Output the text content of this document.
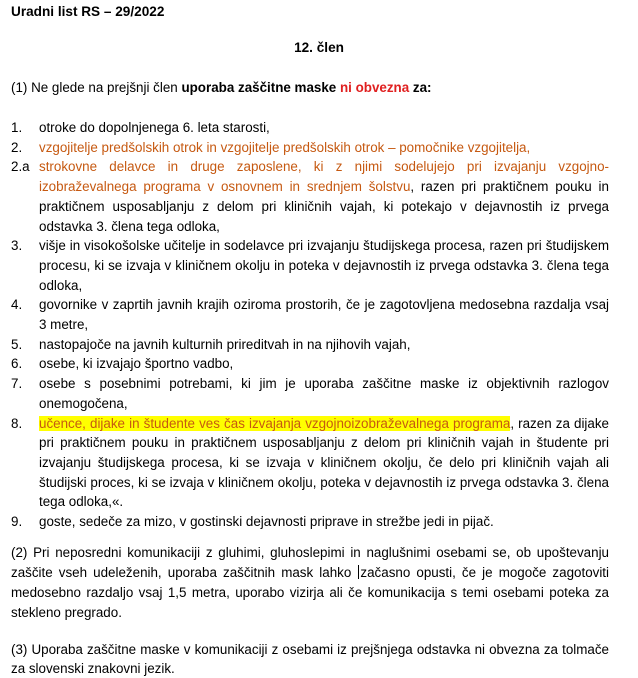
Uradni list RS – 29/2022
12. člen
(1) Ne glede na prejšnji člen uporaba zaščitne maske ni obvezna za:
1. otroke do dopolnjenega 6. leta starosti,
2. vzgojitelje predšolskih otrok in vzgojitelje predšolskih otrok – pomočnike vzgojitelja,
2.a strokovne delavce in druge zaposlene, ki z njimi sodelujejo pri izvajanju vzgojno-izobraževalnega programa v osnovnem in srednjem šolstvu, razen pri praktičnem pouku in praktičnem usposabljanju z delom pri kliničnih vajah, ki potekajo v dejavnostih iz prvega odstavka 3. člena tega odloka,
3. višje in visokošolske učitelje in sodelavce pri izvajanju študijskega procesa, razen pri študijskem procesu, ki se izvaja v kliničnem okolju in poteka v dejavnostih iz prvega odstavka 3. člena tega odloka,
4. govornike v zaprtih javnih krajih oziroma prostorih, če je zagotovljena medosebna razdalja vsaj 3 metre,
5. nastopajoče na javnih kulturnih prireditvah in na njihovih vajah,
6. osebe, ki izvajajo športno vadbo,
7. osebe s posebnimi potrebami, ki jim je uporaba zaščitne maske iz objektivnih razlogov onemogočena,
8. učence, dijake in študente ves čas izvajanja vzgojnoizobraževalnega programa, razen za dijake pri praktičnem pouku in praktičnem usposabljanju z delom pri kliničnih vajah in študente pri izvajanju študijskega procesa, ki se izvaja v kliničnem okolju, če delo pri kliničnih vajah ali študijski proces, ki se izvaja v kliničnem okolju, poteka v dejavnostih iz prvega odstavka 3. člena tega odloka,«.
9. goste, sedeče za mizo, v gostinski dejavnosti priprave in strežbe jedi in pijač.
(2) Pri neposredni komunikaciji z gluhimi, gluhoslepimi in naglušnimi osebami se, ob upoštevanju zaščite vseh udeleženih, uporaba zaščitnih mask lahko začasno opusti, če je mogoče zagotoviti medosebno razdaljo vsaj 1,5 metra, uporabo vizirja ali če komunikacija s temi osebami poteka za stekleno pregrado.
(3) Uporaba zaščitne maske v komunikaciji z osebami iz prejšnjega odstavka ni obvezna za tolmače za slovenski znakovni jezik.
